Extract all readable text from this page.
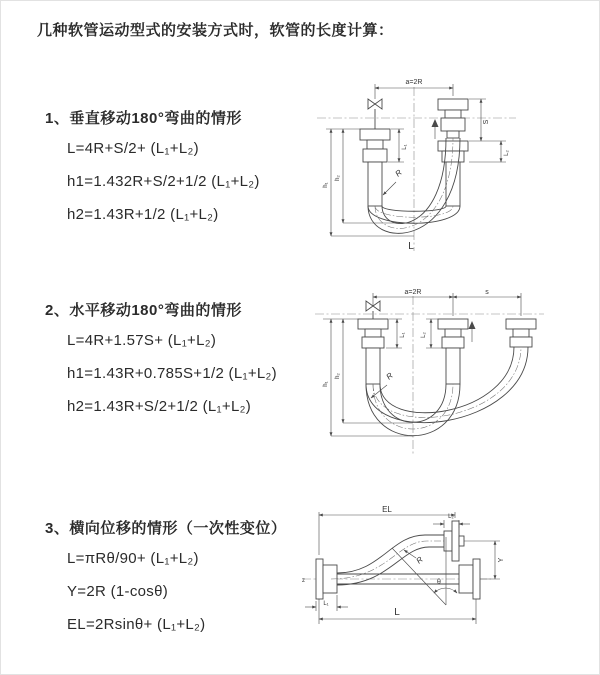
几种软管运动型式的安装方式时，软管的长度计算：
1、垂直移动180°弯曲的情形

L=4R+S/2+ (L₁+L₂)

h1=1.432R+S/2+1/2 (L₁+L₂)

h2=1.43R+1/2 (L₁+L₂)

2、水平移动180°弯曲的情形

L=4R+1.57S+ (L₁+L₂)

h1=1.43R+0.785S+1/2 (L₁+L₂)

h2=1.43R+S/2+1/2 (L₁+L₂)

3、横向位移的情形（一次性变位）

L=πRθ/90+ (L₁+L₂)

Y=2R (1-cosθ)

EL=2Rsinθ+ (L₁+L₂)

a=2R
S
L₂
L₁
h₁
h₂	R
L
a=2R	s
L₁	L₂
h₁
h₂	R
z
EL
L₂
Y
L
L₁
θ
R
